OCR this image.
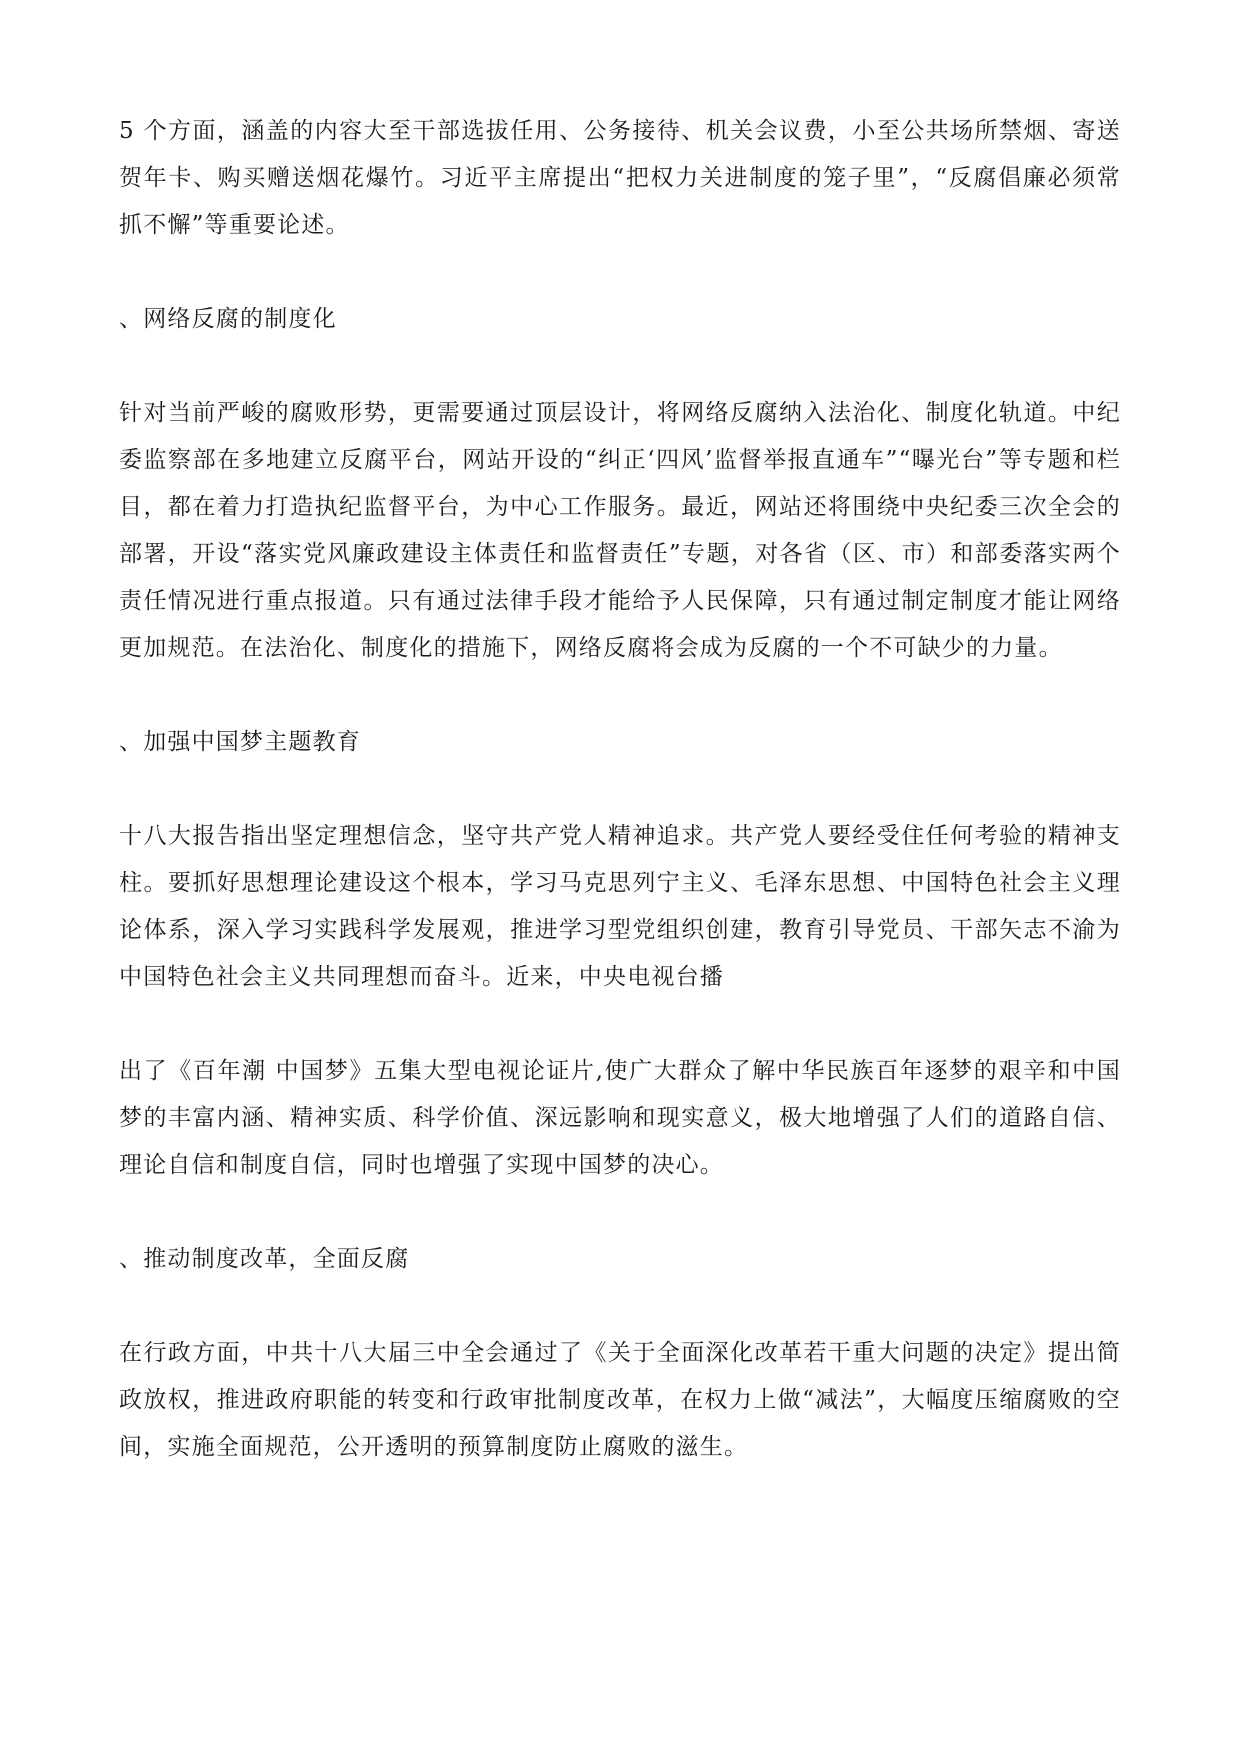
5 个方面，涵盖的内容大至干部选拔任用、公务接待、机关会议费，小至公共场所禁烟、寄送贺年卡、购买赠送烟花爆竹。习近平主席提出“把权力关进制度的笼子里”，“反腐倡廉必须常抓不懈”等重要论述。

、网络反腐的制度化

针对当前严峻的腐败形势，更需要通过顶层设计，将网络反腐纳入法治化、制度化轨道。中纪委监察部在多地建立反腐平台，网站开设的“纠正‘四风’监督举报直通车”“曝光台”等专题和栏目，都在着力打造执纪监督平台，为中心工作服务。最近，网站还将围绕中央纪委三次全会的部署，开设“落实党风廉政建设主体责任和监督责任”专题，对各省（区、市）和部委落实两个责任情况进行重点报道。只有通过法律手段才能给予人民保障，只有通过制定制度才能让网络更加规范。在法治化、制度化的措施下，网络反腐将会成为反腐的一个不可缺少的力量。

、加强中国梦主题教育

十八大报告指出坚定理想信念，坚守共产党人精神追求。共产党人要经受住任何考验的精神支柱。要抓好思想理论建设这个根本，学习马克思列宁主义、毛泽东思想、中国特色社会主义理论体系，深入学习实践科学发展观，推进学习型党组织创建，教育引导党员、干部矢志不渝为中国特色社会主义共同理想而奋斗。近来，中央电视台播

出了《百年潮 中国梦》五集大型电视论证片,使广大群众了解中华民族百年逐梦的艰辛和中国梦的丰富内涵、精神实质、科学价值、深远影响和现实意义，极大地增强了人们的道路自信、理论自信和制度自信，同时也增强了实现中国梦的决心。

、推动制度改革，全面反腐

在行政方面，中共十八大届三中全会通过了《关于全面深化改革若干重大问题的决定》提出简政放权，推进政府职能的转变和行政审批制度改革，在权力上做“减法”，大幅度压缩腐败的空间，实施全面规范，公开透明的预算制度防止腐败的滋生。
